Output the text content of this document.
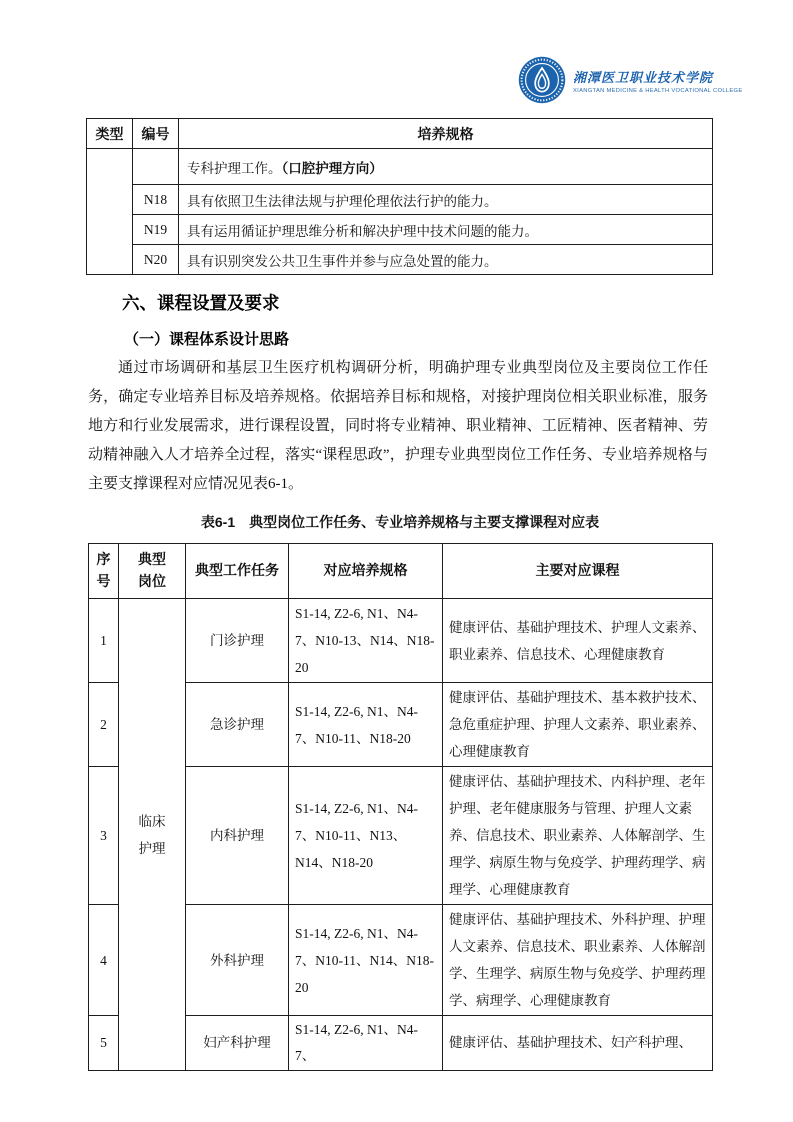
湘潭医卫职业技术学院
XIANGTAN MEDICINE & HEALTH VOCATIONAL COLLEGE
类型	编号	培养规格
		专科护理工作。（口腔护理方向）
	N18	具有依照卫生法律法规与护理伦理依法行护的能力。
	N19	具有运用循证护理思维分析和解决护理中技术问题的能力。
	N20	具有识别突发公共卫生事件并参与应急处置的能力。
六、课程设置及要求
（一）课程体系设计思路

通过市场调研和基层卫生医疗机构调研分析，明确护理专业典型岗位及主要岗位工作任务，确定专业培养目标及培养规格。依据培养目标和规格，对接护理岗位相关职业标准，服务地方和行业发展需求，进行课程设置，同时将专业精神、职业精神、工匠精神、医者精神、劳动精神融入人才培养全过程，落实“课程思政”，护理专业典型岗位工作任务、专业培养规格与主要支撑课程对应情况见表6-1。

表6-1　典型岗位工作任务、专业培养规格与主要支撑课程对应表
序号	典型岗位	典型工作任务	对应培养规格	主要对应课程
1	临床护理	门诊护理	S1-14, Z2-6, N1、N4-7、N10-13、N14、N18-20	健康评估、基础护理技术、护理人文素养、职业素养、信息技术、心理健康教育
2		急诊护理	S1-14, Z2-6, N1、N4-7、N10-11、N18-20	健康评估、基础护理技术、基本救护技术、急危重症护理、护理人文素养、职业素养、心理健康教育
3		内科护理	S1-14, Z2-6, N1、N4-7、N10-11、N13、N14、N18-20	健康评估、基础护理技术、内科护理、老年护理、老年健康服务与管理、护理人文素养、信息技术、职业素养、人体解剖学、生理学、病原生物与免疫学、护理药理学、病理学、心理健康教育
4		外科护理	S1-14, Z2-6, N1、N4-7、N10-11、N14、N18-20	健康评估、基础护理技术、外科护理、护理人文素养、信息技术、职业素养、人体解剖学、生理学、病原生物与免疫学、护理药理学、病理学、心理健康教育
5		妇产科护理	S1-14, Z2-6, N1、N4-7、	健康评估、基础护理技术、妇产科护理、
